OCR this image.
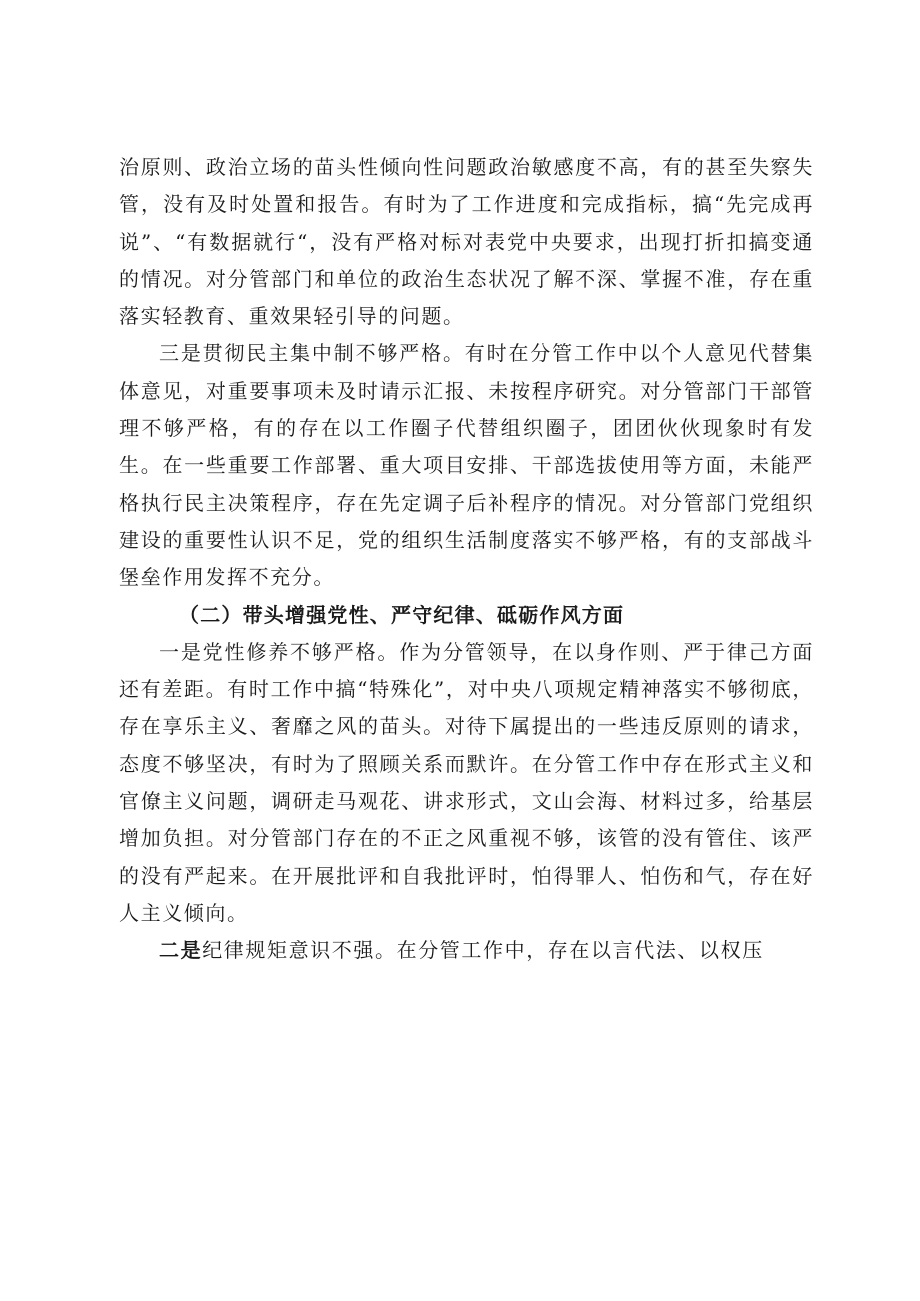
治原则、政治立场的苗头性倾向性问题政治敏感度不高，有的甚至失察失管，没有及时处置和报告。有时为了工作进度和完成指标，搞“先完成再说”、“有数据就行“，没有严格对标对表党中央要求，出现打折扣搞变通的情况。对分管部门和单位的政治生态状况了解不深、掌握不准，存在重落实轻教育、重效果轻引导的问题。

三是贯彻民主集中制不够严格。有时在分管工作中以个人意见代替集体意见，对重要事项未及时请示汇报、未按程序研究。对分管部门干部管理不够严格，有的存在以工作圈子代替组织圈子，团团伙伙现象时有发生。在一些重要工作部署、重大项目安排、干部选拔使用等方面，未能严格执行民主决策程序，存在先定调子后补程序的情况。对分管部门党组织建设的重要性认识不足，党的组织生活制度落实不够严格，有的支部战斗堡垒作用发挥不充分。

（二）带头增强党性、严守纪律、砥砺作风方面

一是党性修养不够严格。作为分管领导，在以身作则、严于律己方面还有差距。有时工作中搞“特殊化”，对中央八项规定精神落实不够彻底，存在享乐主义、奢靡之风的苗头。对待下属提出的一些违反原则的请求，态度不够坚决，有时为了照顾关系而默许。在分管工作中存在形式主义和官僚主义问题，调研走马观花、讲求形式，文山会海、材料过多，给基层增加负担。对分管部门存在的不正之风重视不够，该管的没有管住、该严的没有严起来。在开展批评和自我批评时，怕得罪人、怕伤和气，存在好人主义倾向。

二是纪律规矩意识不强。在分管工作中，存在以言代法、以权压
